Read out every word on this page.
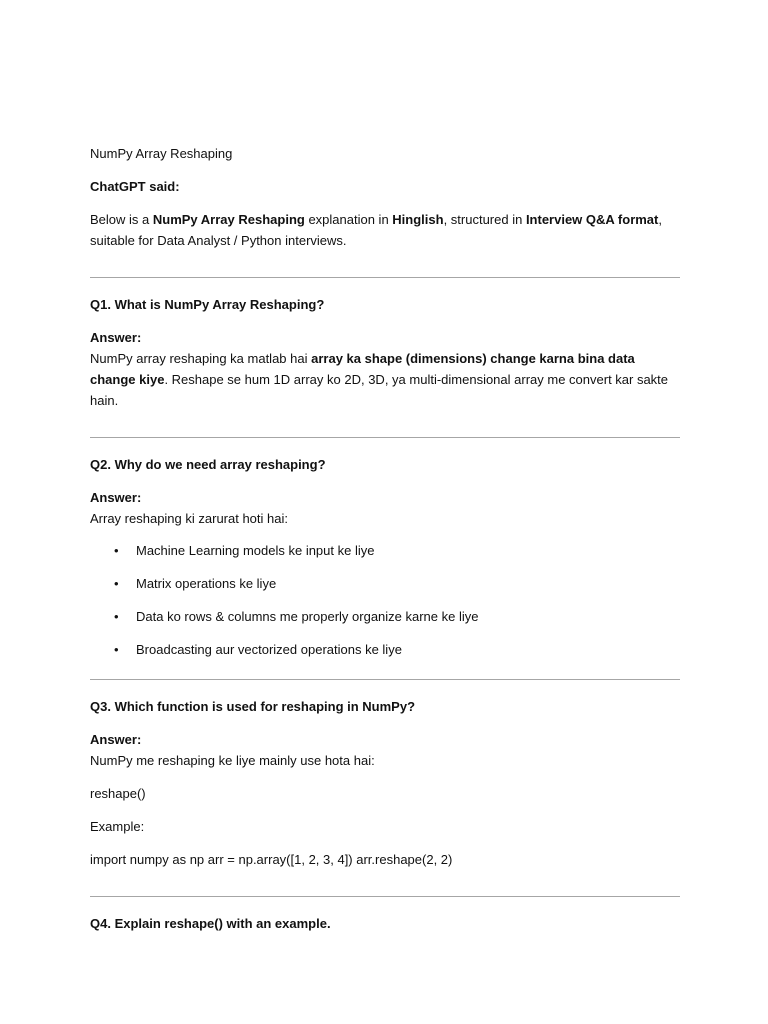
NumPy Array Reshaping

ChatGPT said:

Below is a NumPy Array Reshaping explanation in Hinglish, structured in Interview Q&A format, suitable for Data Analyst / Python interviews.

Q1. What is NumPy Array Reshaping?

Answer:

NumPy array reshaping ka matlab hai array ka shape (dimensions) change karna bina data change kiye. Reshape se hum 1D array ko 2D, 3D, ya multi-dimensional array me convert kar sakte hain.

Q2. Why do we need array reshaping?

Answer:

Array reshaping ki zarurat hoti hai:

• Machine Learning models ke input ke liye
• Matrix operations ke liye
• Data ko rows & columns me properly organize karne ke liye
• Broadcasting aur vectorized operations ke liye

Q3. Which function is used for reshaping in NumPy?

Answer:

NumPy me reshaping ke liye mainly use hota hai:

reshape()

Example:

import numpy as np arr = np.array([1, 2, 3, 4]) arr.reshape(2, 2)

Q4. Explain reshape() with an example.
